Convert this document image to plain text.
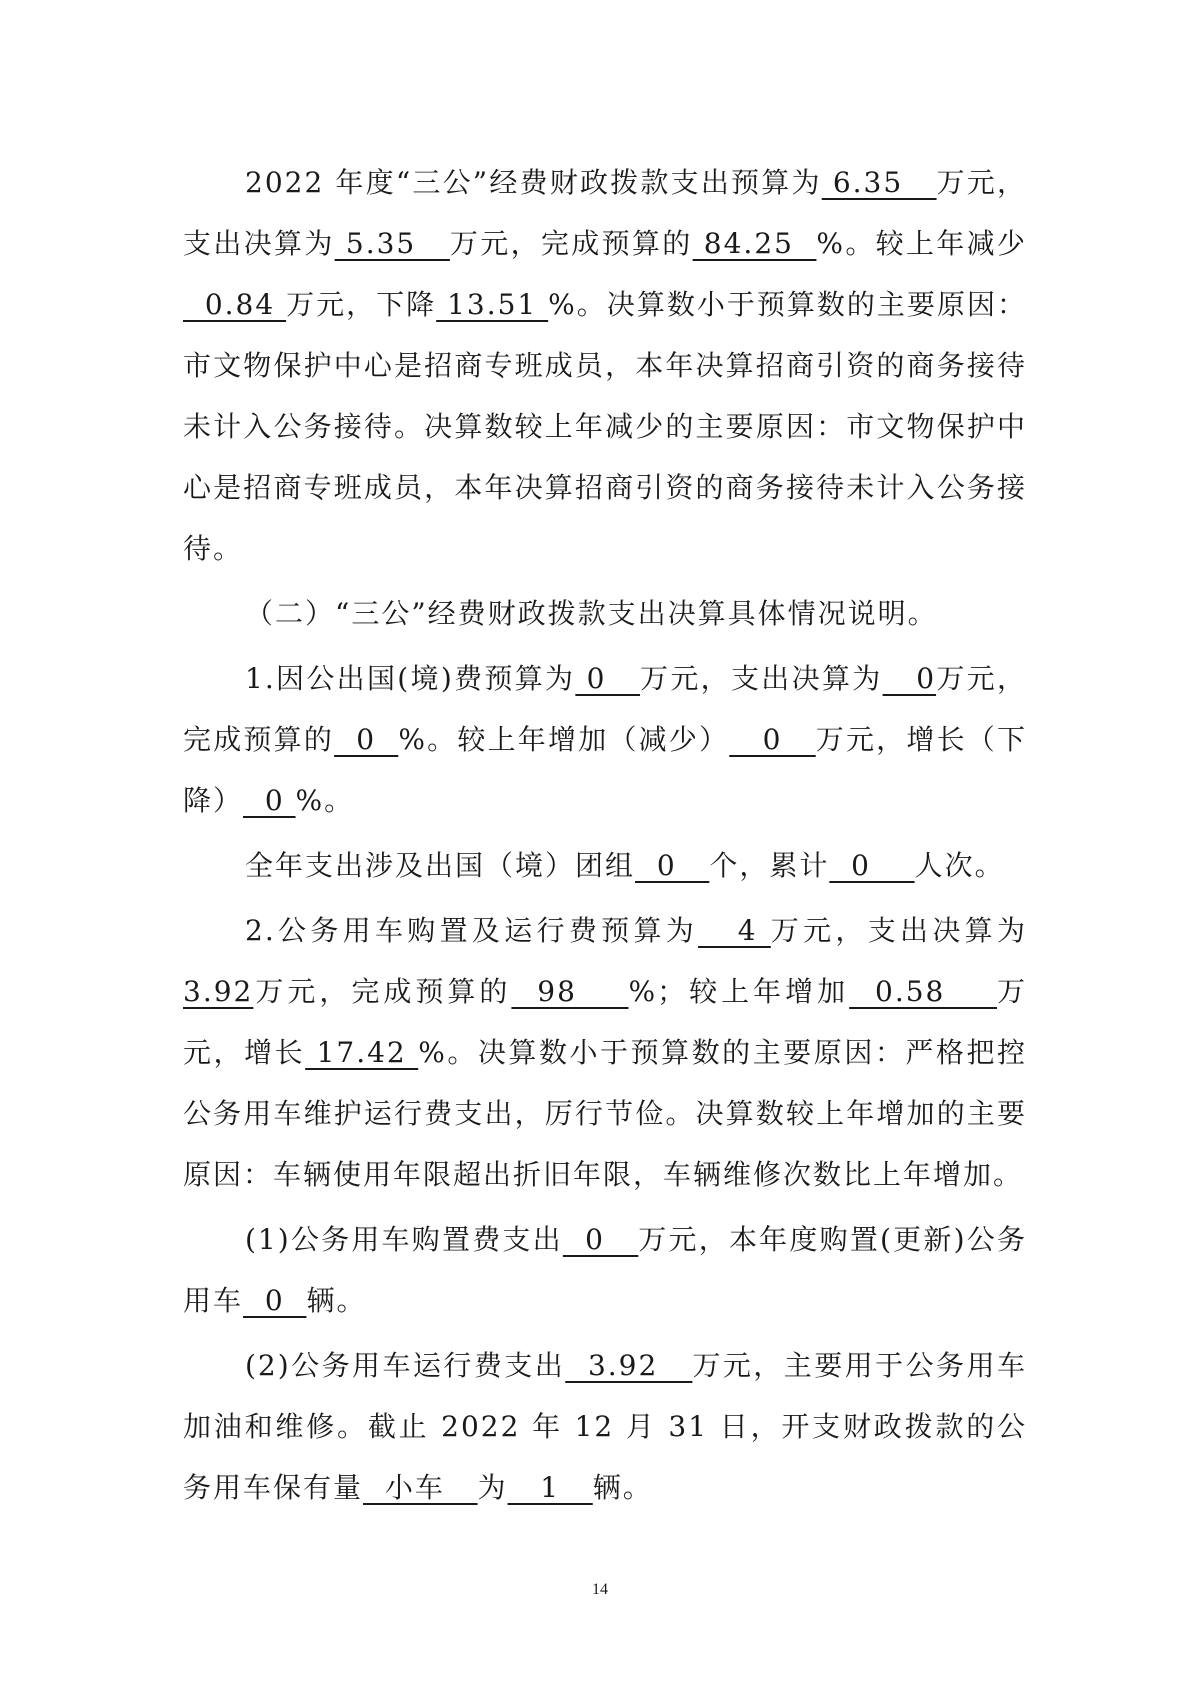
2022 年度“三公”经费财政拨款支出预算为 6.35   万元，支出决算为 5.35   万元，完成预算的 84.25  %。较上年减少  0.84 万元，下降 13.51 %。决算数小于预算数的主要原因：市文物保护中心是招商专班成员，本年决算招商引资的商务接待未计入公务接待。决算数较上年减少的主要原因：市文物保护中心是招商专班成员，本年决算招商引资的商务接待未计入公务接待。

（二）“三公”经费财政拨款支出决算具体情况说明。

1.因公出国(境)费预算为 0   万元，支出决算为   0万元，完成预算的  0  %。较上年增加（减少）   0   万元，增长（下降）  0 %。

全年支出涉及出国（境）团组  0   个，累计  0    人次。

2.公务用车购置及运行费预算为   4 万元，支出决算为3.92万元，完成预算的  98    %；较上年增加  0.58    万元，增长 17.42 %。决算数小于预算数的主要原因：严格把控公务用车维护运行费支出，厉行节俭。决算数较上年增加的主要原因：车辆使用年限超出折旧年限，车辆维修次数比上年增加。

(1)公务用车购置费支出  0   万元，本年度购置(更新)公务用车  0  辆。

(2)公务用车运行费支出  3.92   万元，主要用于公务用车加油和维修。截止 2022 年 12 月 31 日，开支财政拨款的公务用车保有量  小车   为   1   辆。

14
